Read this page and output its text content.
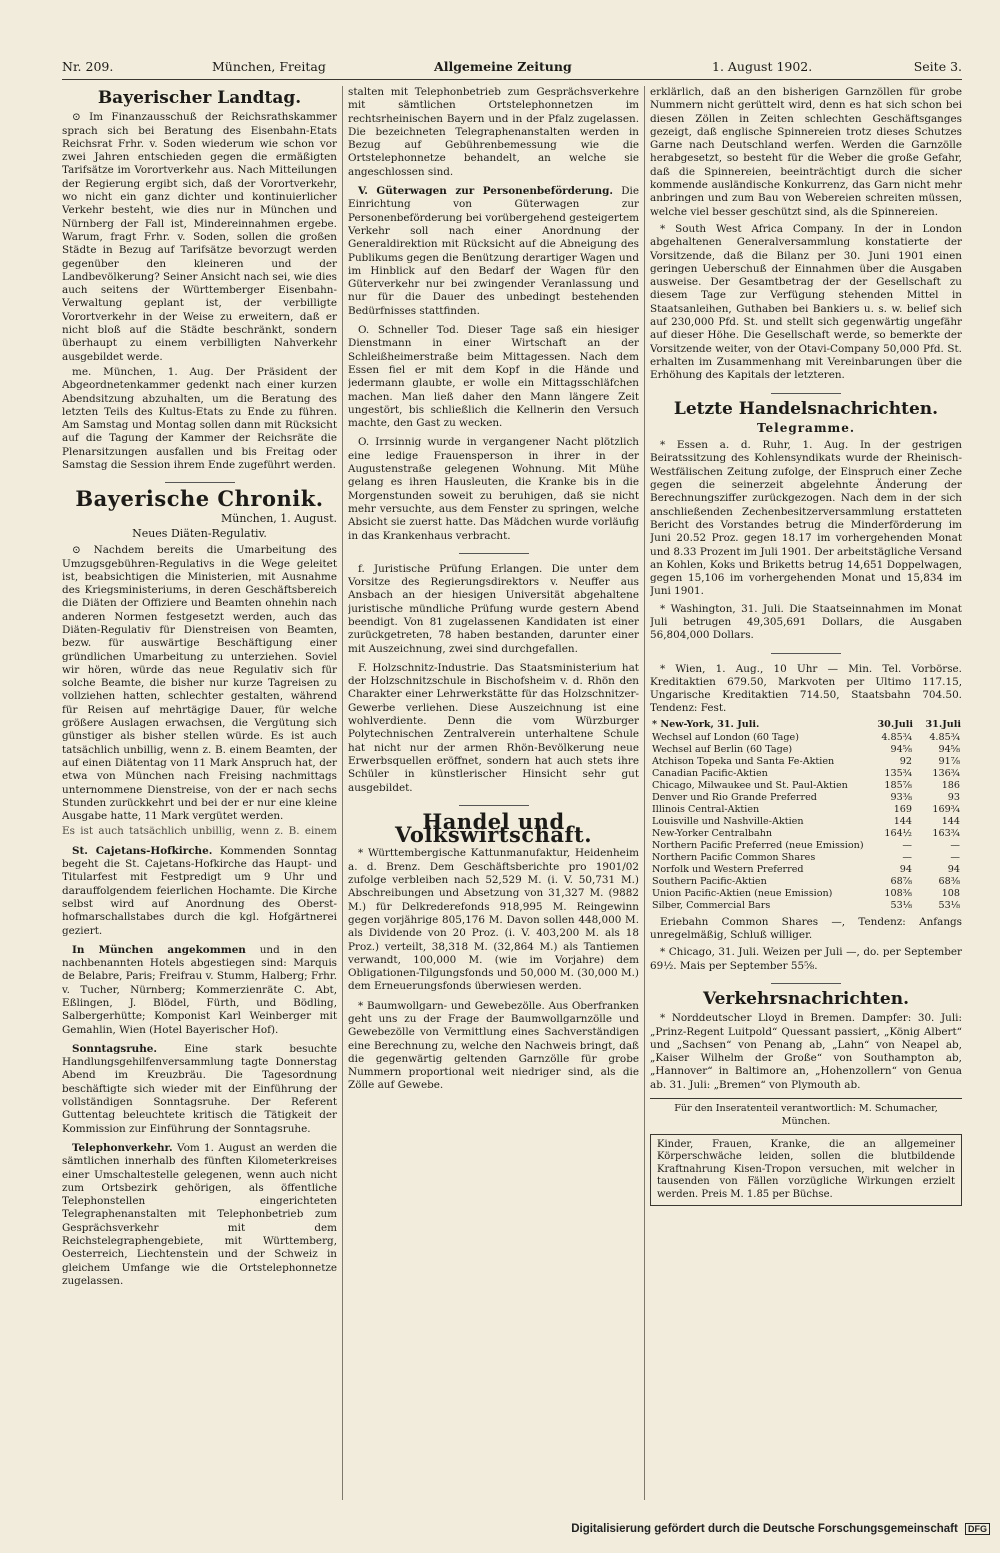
Nr. 209.	München, Freitag	Allgemeine Zeitung	1. August 1902.	Seite 3.
Bayerischer Landtag.

⊙ Im Finanzausschuß der Reichsrathskammer sprach sich bei Beratung des Eisenbahn-Etats Reichsrat Frhr. v. Soden wiederum wie schon vor zwei Jahren entschieden gegen die ermäßigten Tarifsätze im Vorortverkehr aus. Nach Mitteilungen der Regierung ergibt sich, daß der Vorortverkehr, wo nicht ein ganz dichter und kontinuierlicher Verkehr besteht, wie dies nur in München und Nürnberg der Fall ist, Mindereinnahmen ergebe. Warum, fragt Frhr. v. Soden, sollen die großen Städte in Bezug auf Tarifsätze bevorzugt werden gegenüber den kleineren und der Landbevölkerung? Seiner Ansicht nach sei, wie dies auch seitens der Württemberger Eisenbahn-Verwaltung geplant ist, der verbilligte Vorortverkehr in der Weise zu erweitern, daß er nicht bloß auf die Städte beschränkt, sondern überhaupt zu einem verbilligten Nahverkehr ausgebildet werde.

me. München, 1. Aug. Der Präsident der Abgeordnetenkammer gedenkt nach einer kurzen Abendsitzung abzuhalten, um die Beratung des letzten Teils des Kultus-Etats zu Ende zu führen. Am Samstag und Montag sollen dann mit Rücksicht auf die Tagung der Kammer der Reichsräte die Plenarsitzungen ausfallen und bis Freitag oder Samstag die Session ihrem Ende zugeführt werden.

Bayerische Chronik.
München, 1. August.
Neues Diäten-Regulativ.

⊙ Nachdem bereits die Umarbeitung des Umzugsgebühren-Regulativs in die Wege geleitet ist, beabsichtigen die Ministerien, mit Ausnahme des Kriegsministeriums, in deren Geschäftsbereich die Diäten der Offiziere und Beamten ohnehin nach anderen Normen festgesetzt werden, auch das Diäten-Regulativ für Dienstreisen von Beamten, bezw. für auswärtige Beschäftigung einer gründlichen Umarbeitung zu unterziehen. Soviel wir hören, würde das neue Regulativ sich für solche Beamte, die bisher nur kurze Tagreisen zu vollziehen hatten, schlechter gestalten, während für Reisen auf mehrtägige Dauer, für welche größere Auslagen erwachsen, die Vergütung sich günstiger als bisher stellen würde. Es ist auch tatsächlich unbillig, wenn z. B. einem Beamten, der auf einen Diätentag von 11 Mark Anspruch hat, der etwa von München nach Freising nachmittags unternommene Dienstreise, von der er nach sechs Stunden zurückkehrt und bei der er nur eine kleine Ausgabe hatte, 11 Mark vergütet werden.

Es ist auch tatsächlich unbillig, wenn z. B. einem

St. Cajetans-Hofkirche. Kommenden Sonntag begeht die St. Cajetans-Hofkirche das Haupt- und Titularfest mit Festpredigt um 9 Uhr und darauffolgendem feierlichen Hochamte. Die Kirche selbst wird auf Anordnung des Oberst-hofmarschallstabes durch die kgl. Hofgärtnerei geziert.

In München angekommen und in den nachbenannten Hotels abgestiegen sind: Marquis de Belabre, Paris; Freifrau v. Stumm, Halberg; Frhr. v. Tucher, Nürnberg; Kommerzienräte C. Abt, Eßlingen, J. Blödel, Fürth, und Bödling, Salbergerhütte; Komponist Karl Weinberger mit Gemahlin, Wien (Hotel Bayerischer Hof).

Sonntagsruhe.	Eine stark besuchte Handlungsgehilfenversammlung tagte Donnerstag Abend im Kreuzbräu. Die Tagesordnung beschäftigte sich wieder mit der Einführung der vollständigen Sonntagsruhe. Der Referent Guttentag beleuchtete kritisch die Tätigkeit der Kommission zur Einführung der Sonntagsruhe.

Telephonverkehr. Vom 1. August an werden die sämtlichen innerhalb des fünften Kilometerkreises einer Umschaltestelle gelegenen, wenn auch nicht zum Ortsbezirk gehörigen, als öffentliche Telephonstellen eingerichteten Telegraphenanstalten mit Telephonbetrieb zum Gesprächsverkehr mit dem Reichstelegraphengebiete, mit Württemberg, Oesterreich, Liechtenstein und der Schweiz in gleichem Umfange wie die Ortstelephonnetze zugelassen.

stalten mit Telephonbetrieb zum Gesprächsverkehre mit sämtlichen Ortstelephonnetzen im rechtsrheinischen Bayern und in der Pfalz zugelassen. Die bezeichneten Telegraphenanstalten werden in Bezug auf Gebührenbemessung wie die Ortstelephonnetze behandelt, an welche sie angeschlossen sind.

V. Güterwagen zur Personenbeförderung. Die Einrichtung von Güterwagen zur Personenbeförderung bei vorübergehend gesteigertem Verkehr soll nach einer Anordnung der Generaldirektion mit Rücksicht auf die Abneigung des Publikums gegen die Benützung derartiger Wagen und im Hinblick auf den Bedarf der Wagen für den Güterverkehr nur bei zwingender Veranlassung und nur für die Dauer des unbedingt bestehenden Bedürfnisses stattfinden.

O. Schneller Tod. Dieser Tage saß ein hiesiger Dienstmann in einer Wirtschaft an der Schleißheimerstraße beim Mittagessen. Nach dem Essen fiel er mit dem Kopf in die Hände und jedermann glaubte, er wolle ein Mittagsschläfchen machen. Man ließ daher den Mann längere Zeit ungestört, bis schließlich die Kellnerin den Versuch machte, den Gast zu wecken.

O. Irrsinnig wurde in vergangener Nacht plötzlich eine ledige Frauensperson in ihrer in der Augustenstraße gelegenen Wohnung. Mit Mühe gelang es ihren Hausleuten, die Kranke bis in die Morgenstunden soweit zu beruhigen, daß sie nicht mehr versuchte, aus dem Fenster zu springen, welche Absicht sie zuerst hatte. Das Mädchen wurde vorläufig in das Krankenhaus verbracht.

f. Juristische Prüfung Erlangen. Die unter dem Vorsitze des Regierungsdirektors v. Neuffer aus Ansbach an der hiesigen Universität abgehaltene juristische mündliche Prüfung wurde gestern Abend beendigt. Von 81 zugelassenen Kandidaten ist einer zurückgetreten, 78 haben bestanden, darunter einer mit Auszeichnung, zwei sind durchgefallen.

F. Holzschnitz-Industrie. Das Staatsministerium hat der Holzschnitzschule in Bischofsheim v. d. Rhön den Charakter einer Lehrwerkstätte für das Holzschnitzer-Gewerbe verliehen. Diese Auszeichnung ist eine wohlverdiente. Denn die vom Würzburger Polytechnischen Zentralverein unterhaltene Schule hat nicht nur der armen Rhön-Bevölkerung neue Erwerbsquellen eröffnet, sondern hat auch stets ihre Schüler in künstlerischer Hinsicht sehr gut ausgebildet.

Handel und Volkswirtschaft.

* Württembergische Kattunmanufaktur, Heidenheim a. d. Brenz. Dem Geschäftsberichte pro 1901/02 zufolge verbleiben nach 52,529 M. (i. V. 50,731 M.) Abschreibungen und Absetzung von 31,327 M. (9882 M.) für Delkrederefonds 918,995 M. Reingewinn gegen vorjährige 805,176 M. Davon sollen 448,000 M. als Dividende von 20 Proz. (i. V. 403,200 M. als 18 Proz.) verteilt, 38,318 M. (32,864 M.) als Tantiemen verwandt, 100,000 M. (wie im Vorjahre) dem Obligationen-Tilgungsfonds und 50,000 M. (30,000 M.) dem Erneuerungsfonds überwiesen werden.

* Baumwollgarn- und Gewebezölle. Aus Oberfranken geht uns zu der Frage der Baumwollgarnzölle und Gewebezölle von Vermittlung eines Sachverständigen eine Berechnung zu, welche den Nachweis bringt, daß die gegenwärtig geltenden Garnzölle für grobe Nummern proportional weit niedriger sind, als die Zölle auf Gewebe.

erklärlich, daß an den bisherigen Garnzöllen für grobe Nummern nicht gerüttelt wird, denn es hat sich schon bei diesen Zöllen in Zeiten schlechten Geschäftsganges gezeigt, daß englische Spinnereien trotz dieses Schutzes Garne nach Deutschland werfen. Werden die Garnzölle herabgesetzt, so besteht für die Weber die große Gefahr, daß die Spinnereien, beeinträchtigt durch die sicher kommende ausländische Konkurrenz, das Garn nicht mehr anbringen und zum Bau von Webereien schreiten müssen, welche viel besser geschützt sind, als die Spinnereien.

* South West Africa Company. In der in London abgehaltenen Generalversammlung konstatierte der Vorsitzende, daß die Bilanz per 30. Juni 1901 einen geringen Ueberschuß der Einnahmen über die Ausgaben ausweise. Der Gesamtbetrag der der Gesellschaft zu diesem Tage zur Verfügung stehenden Mittel in Staatsanleihen, Guthaben bei Bankiers u. s. w. belief sich auf 230,000 Pfd. St. und stellt sich gegenwärtig ungefähr auf dieser Höhe. Die Gesellschaft werde, so bemerkte der Vorsitzende weiter, von der Otavi-Company 50,000 Pfd. St. erhalten im Zusammenhang mit Vereinbarungen über die Erhöhung des Kapitals der letzteren.

Letzte Handelsnachrichten.
Telegramme.

* Essen a. d. Ruhr, 1. Aug. In der gestrigen Beiratssitzung des Kohlensyndikats wurde der Rheinisch-Westfälischen Zeitung zufolge, der Einspruch einer Zeche gegen die seinerzeit abgelehnte Änderung der Berechnungsziffer zurückgezogen. Nach dem in der sich anschließenden Zechenbesitzerversammlung erstatteten Bericht des Vorstandes betrug die Minderförderung im Juni 20.52 Proz. gegen 18.17 im vorhergehenden Monat und 8.33 Prozent im Juli 1901. Der arbeitstägliche Versand an Kohlen, Koks und Briketts betrug 14,651 Doppelwagen, gegen 15,106 im vorhergehenden Monat und 15,834 im Juni 1901.

* Washington, 31. Juli. Die Staatseinnahmen im Monat Juli betrugen 49,305,691 Dollars, die Ausgaben 56,804,000 Dollars.

* Wien, 1. Aug., 10 Uhr — Min. Tel. Vorbörse. Kreditaktien 679.50, Markvoten per Ultimo 117.15, Ungarische Kreditaktien 714.50, Staatsbahn 704.50. Tendenz: Fest.

* New-York, 31. Juli.	30.Juli	31.Juli
Wechsel auf London (60 Tage)	4.85¾	4.85¾
Wechsel auf Berlin (60 Tage)	94⅝	94⅝
Atchison Topeka und Santa Fe-Aktien	92	91⅞
Canadian Pacific-Aktien	135¾	136¾
Chicago, Milwaukee und St. Paul-Aktien	185⅞	186
Denver und Rio Grande Preferred	93⅜	93
Illinois Central-Aktien	169	169¾
Louisville und Nashville-Aktien	144	144
New-Yorker Centralbahn	164½	163¾
Northern Pacific Preferred (neue Emission)	—	—
Northern Pacific Common Shares	—	—
Norfolk und Western Preferred	94	94
Southern Pacific-Aktien	68⅞	68⅜
Union Pacific-Aktien (neue Emission)	108⅜	108
Silber, Commercial Bars	53⅛	53⅛

Eriebahn Common Shares —, Tendenz: Anfangs unregelmäßig, Schluß williger.

* Chicago, 31. Juli. Weizen per Juli —, do. per September 69½. Mais per September 55⅝.

Verkehrsnachrichten.

* Norddeutscher Lloyd in Bremen. Dampfer: 30. Juli: „Prinz-Regent Luitpold“ Quessant passiert, „König Albert“ und „Sachsen“ von Penang ab, „Lahn“ von Neapel ab, „Kaiser Wilhelm der Große“ von Southampton ab, „Hannover“ in Baltimore an, „Hohenzollern“ von Genua ab. 31. Juli: „Bremen“ von Plymouth ab.

Für den Inseratenteil verantwortlich: M. Schumacher, München.
Kinder, Frauen, Kranke, die an allgemeiner Körperschwäche leiden, sollen die blutbildende Kraftnahrung Kisen-Tropon versuchen, mit welcher in tausenden von Fällen vorzügliche Wirkungen erzielt werden. Preis M. 1.85 per Büchse.
Digitalisierung gefördert durch die Deutsche Forschungsgemeinschaft DFG
